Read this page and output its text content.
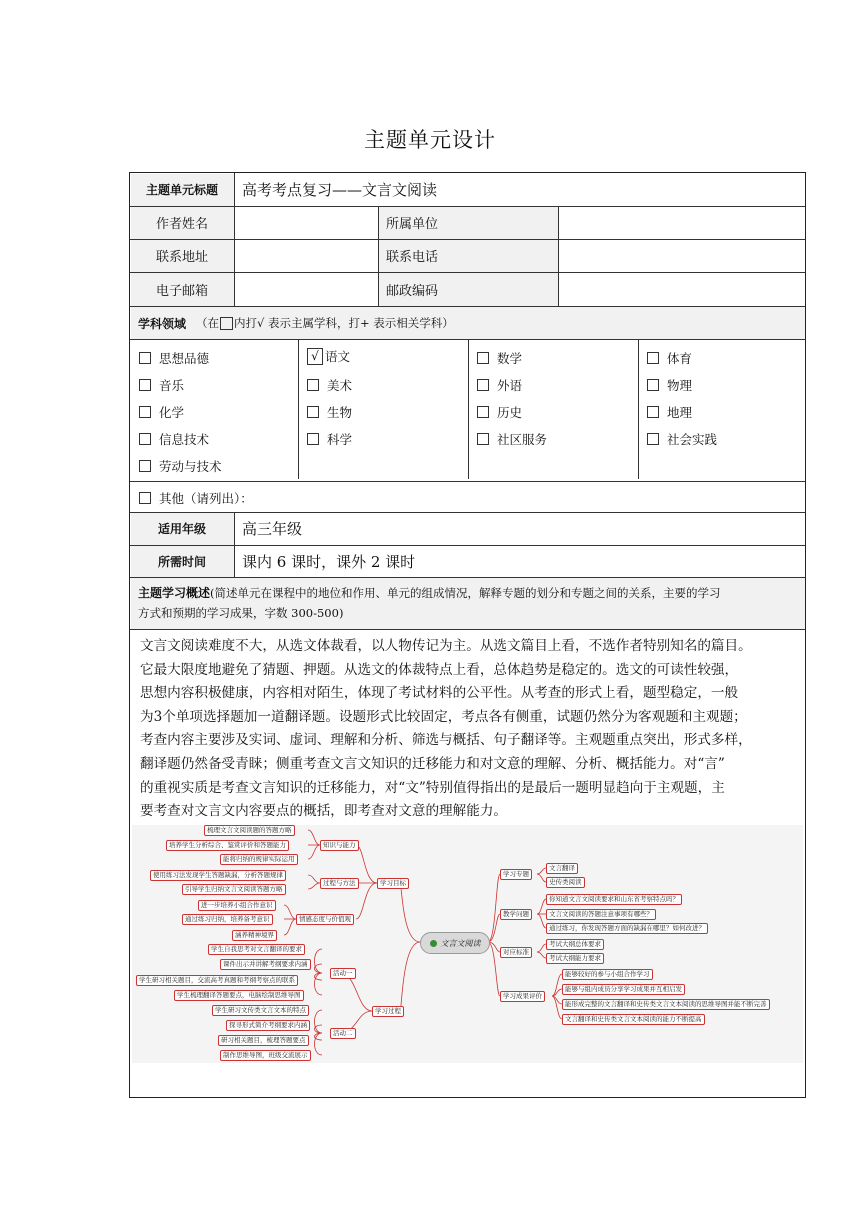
主题单元设计
主题单元标题	高考考点复习——文言文阅读
作者姓名	所属单位
联系地址	联系电话
电子邮箱	邮政编码
学科领域 （在 内打√ 表示主属学科，打+ 表示相关学科）
思想品德
音乐
化学
信息技术
劳动与技术
√ 语文
美术
生物
科学
数学
外语
历史
社区服务
体育
物理
地理
社会实践
其他（请列出）：
适用年级	高三年级
所需时间	课内 6 课时，课外 2 课时
主题学习概述(简述单元在课程中的地位和作用、单元的组成情况，解释专题的划分和专题之间的关系，主要的学习
方式和预期的学习成果，字数 300-500)
文言文阅读难度不大，从选文体裁看，以人物传记为主。从选文篇目上看，不选作者特别知名的篇目。
它最大限度地避免了猜题、押题。从选文的体裁特点上看，总体趋势是稳定的。选文的可读性较强，
思想内容积极健康，内容相对陌生，体现了考试材料的公平性。从考查的形式上看，题型稳定，一般
为3个单项选择题加一道翻译题。设题形式比较固定，考点各有侧重，试题仍然分为客观题和主观题；
考查内容主要涉及实词、虚词、理解和分析、筛选与概括、句子翻译等。主观题重点突出，形式多样，
翻译题仍然备受青睐；侧重考查文言文知识的迁移能力和对文意的理解、分析、概括能力。对“言”
的重视实质是考查文言知识的迁移能力，对“文”特别值得指出的是最后一题明显趋向于主观题，主
要考查对文言文内容要点的概括，即考查对文意的理解能力。
文言文阅读
学习目标
知识与能力
过程与方法
情感态度与价值观
梳理文言文阅读题的答题方略
培养学生分析综合、鉴赏评价和答题能力
能将归纳的规律实际运用
使用练习法发现学生答题缺漏，分析答题规律
引导学生归纳文言文阅读答题方略
进一步培养小组合作意识
通过练习归纳，培养备考意识
涵养精神境界
学习过程
活动一
活动二
学生自我思考对文言翻译的要求
课件出示并讲解考纲要求内涵
学生研习相关题目，交流高考真题和考纲考察点的联系
学生梳理翻译答题要点，电脑绘制思维导图
学生研习文传类文言文本的特点
探寻形式简介考纲要求内涵
研习相关题目，梳理答题要点
制作思维导图，班级交流展示
学习专题
文言翻译
史传类阅读
教学问题
你知道文言文阅读要求和山东省考察特点吗？
文言文阅读的答题注意事项有哪些？
通过练习，你发现答题方面的缺漏在哪里？如何改进？
对应标准
考试大纲总体要求
考试大纲能力要求
学习成果评价
能够较好的参与小组合作学习
能够与组内成员分享学习成果并互相启发
能形成完整的文言翻译和史传类文言文本阅读的思维导图并能不断完善
文言翻译和史传类文言文本阅读的能力不断提高
